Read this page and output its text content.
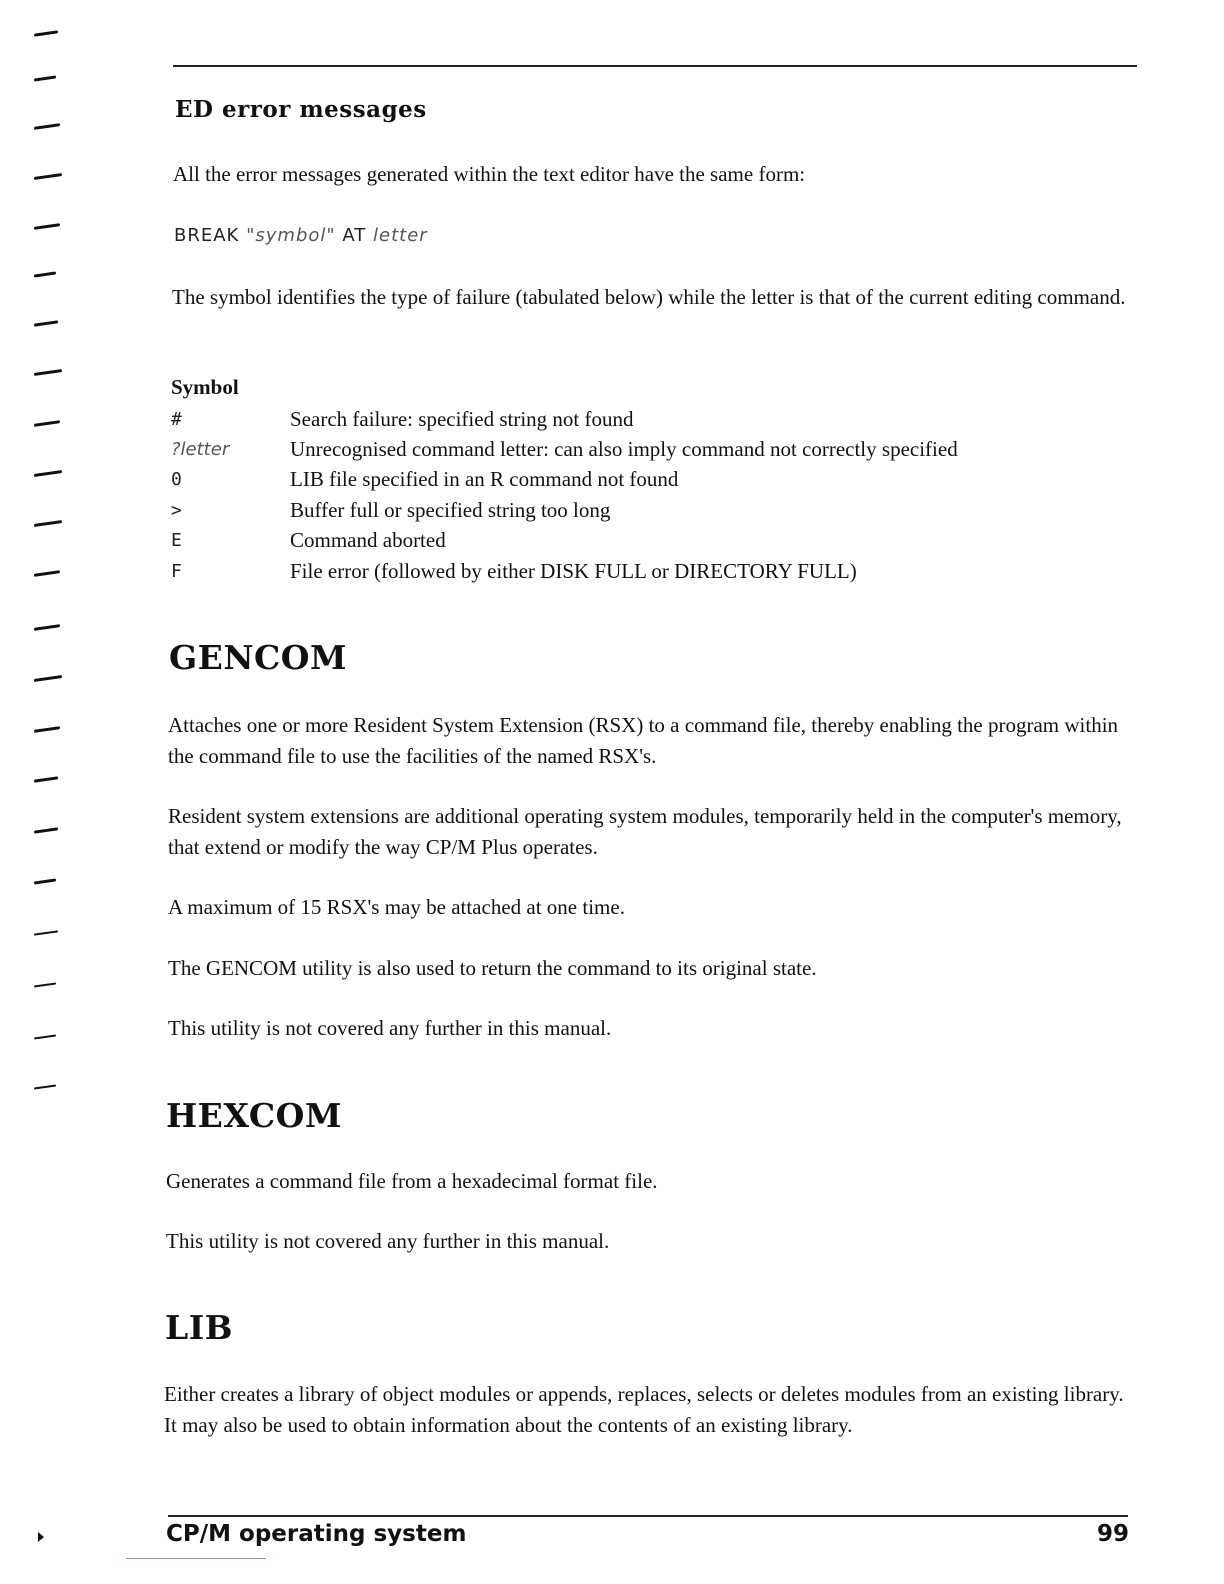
ED error messages

All the error messages generated within the text editor have the same form:

BREAK "symbol" AT letter

The symbol identifies the type of failure (tabulated below) while the letter is that of the current editing command.

Symbol

#	Search failure: specified string not found
?letter	Unrecognised command letter: can also imply command not correctly specified
0	LIB file specified in an R command not found
>	Buffer full or specified string too long
E	Command aborted
F	File error (followed by either DISK FULL or DIRECTORY FULL)
GENCOM

Attaches one or more Resident System Extension (RSX) to a command file, thereby enabling the program within the command file to use the facilities of the named RSX's.

Resident system extensions are additional operating system modules, temporarily held in the computer's memory, that extend or modify the way CP/M Plus operates.

A maximum of 15 RSX's may be attached at one time.

The GENCOM utility is also used to return the command to its original state.

This utility is not covered any further in this manual.

HEXCOM

Generates a command file from a hexadecimal format file.

This utility is not covered any further in this manual.

LIB

Either creates a library of object modules or appends, replaces, selects or deletes modules from an existing library. It may also be used to obtain information about the contents of an existing library.

CP/M operating system	99
